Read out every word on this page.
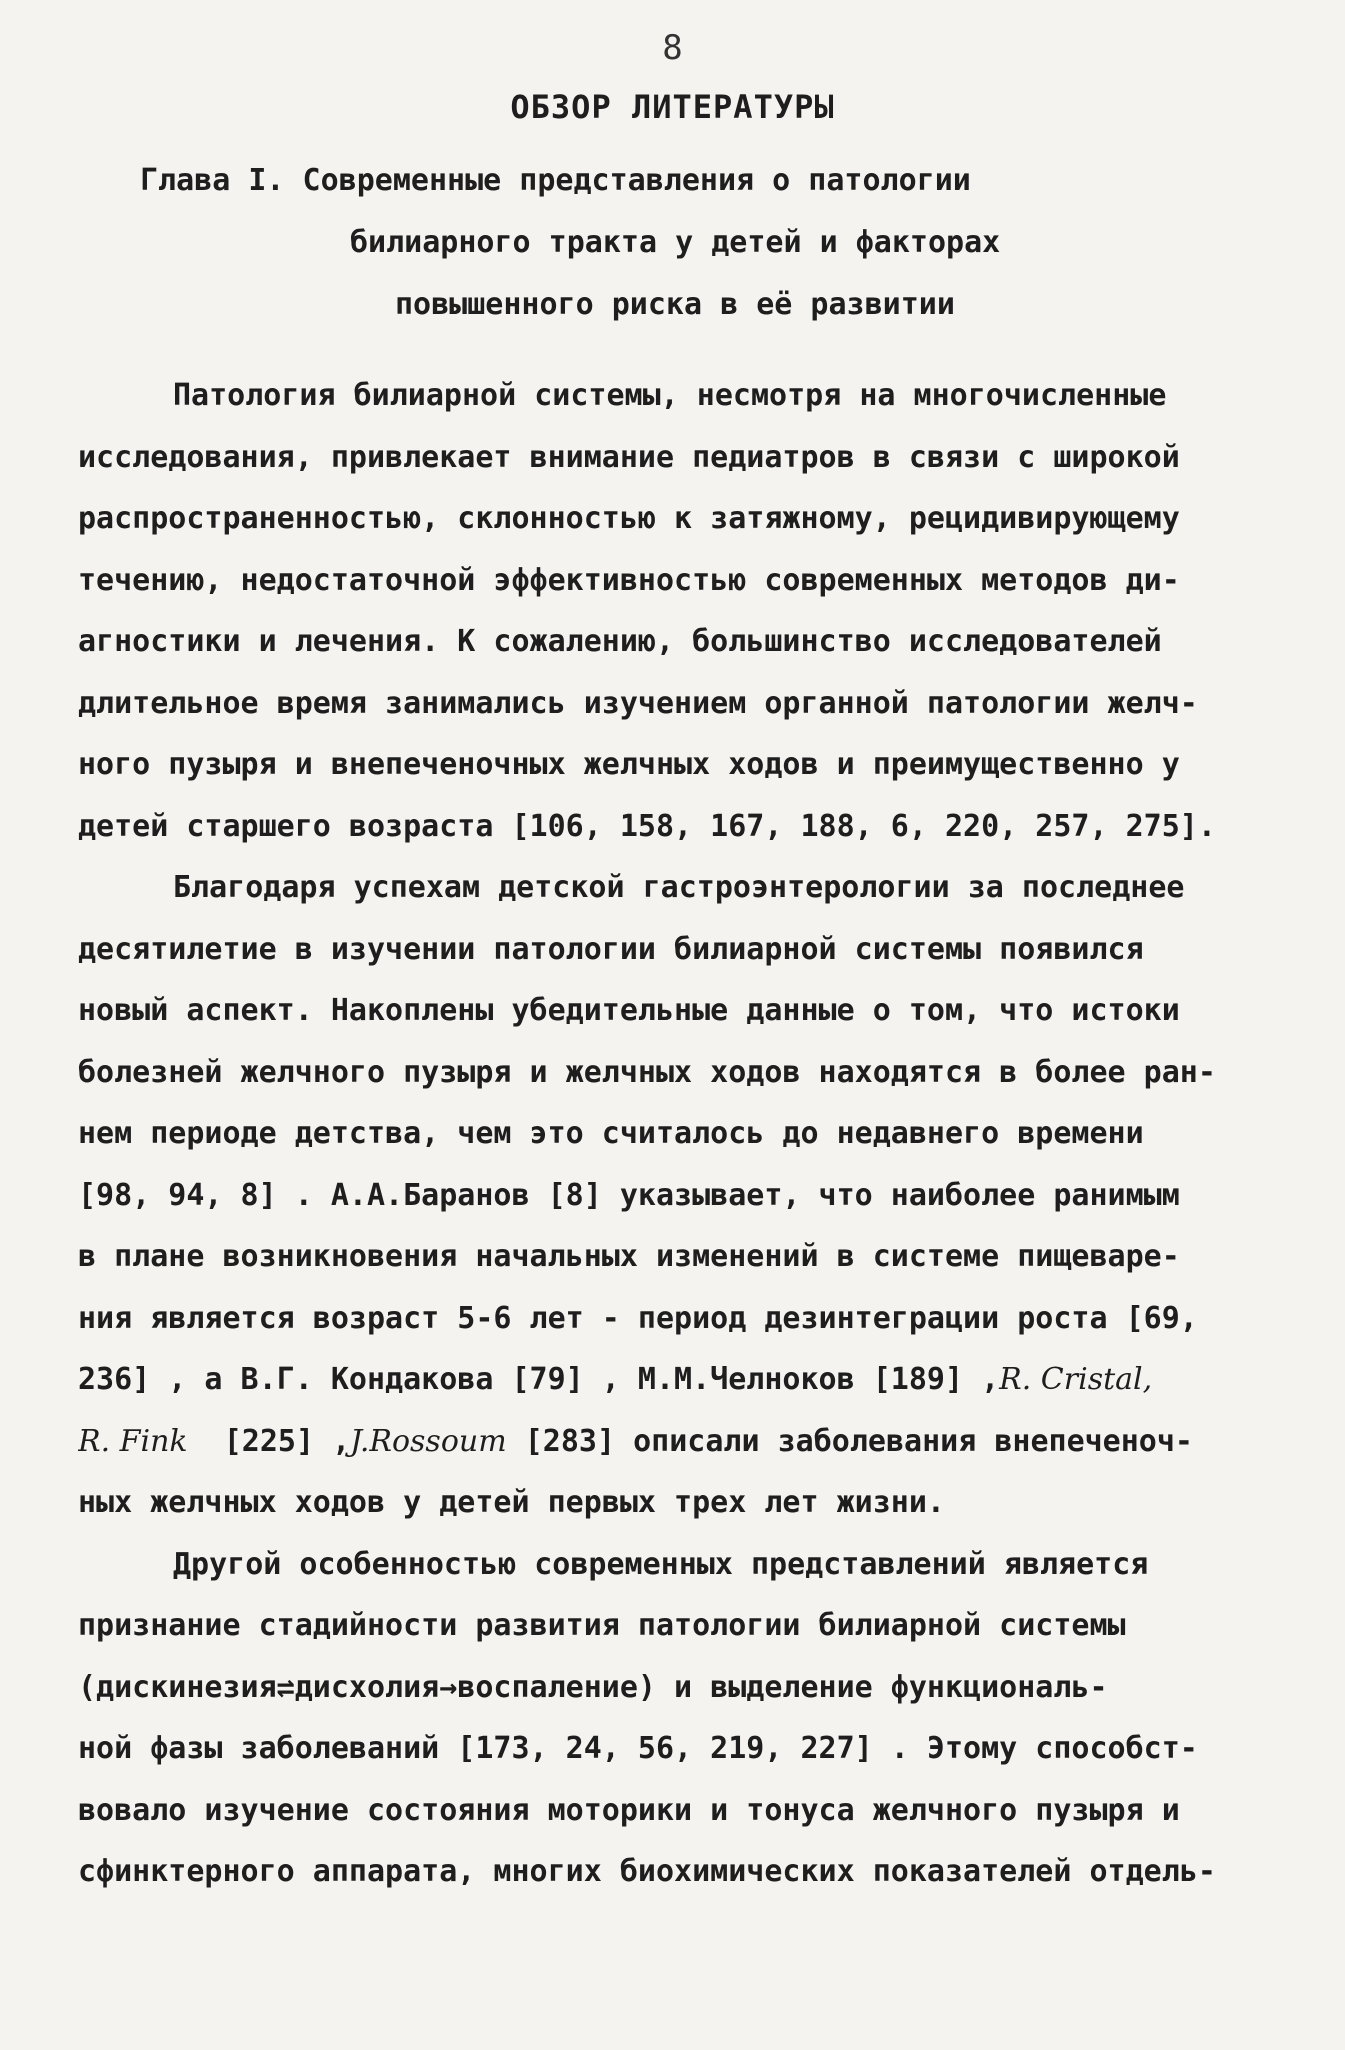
8
ОБЗОР ЛИТЕРАТУРЫ
Глава I. Современные представления о патологии
билиарного тракта у детей и факторах
повышенного риска в её развитии
Патология билиарной системы, несмотря на многочисленные
исследования, привлекает внимание педиатров в связи с широкой
распространенностью, склонностью к затяжному, рецидивирующему
течению, недостаточной эффективностью современных методов ди-
агностики и лечения. К сожалению, большинство исследователей
длительное время занимались изучением органной патологии желч-
ного пузыря и внепеченочных желчных ходов и преимущественно у
детей старшего возраста [106, 158, 167, 188, 6, 220, 257, 275].
Благодаря успехам детской гастроэнтерологии за последнее
десятилетие в изучении патологии билиарной системы появился
новый аспект. Накоплены убедительные данные о том, что истоки
болезней желчного пузыря и желчных ходов находятся в более ран-
нем периоде детства, чем это считалось до недавнего времени
[98, 94, 8] . А.А.Баранов [8] указывает, что наиболее ранимым
в плане возникновения начальных изменений в системе пищеваре-
ния является возраст 5-6 лет - период дезинтеграции роста [69,
236] , а В.Г. Кондакова [79] , М.М.Челноков [189] ,R. Cristal,
R. Fink  [225] ,J.Rossoum [283] описали заболевания внепеченоч-
ных желчных ходов у детей первых трех лет жизни.
Другой особенностью современных представлений является
признание стадийности развития патологии билиарной системы
(дискинезия⇌дисхолия→воспаление) и выделение функциональ-
ной фазы заболеваний [173, 24, 56, 219, 227] . Этому способст-
вовало изучение состояния моторики и тонуса желчного пузыря и
сфинктерного аппарата, многих биохимических показателей отдель-
